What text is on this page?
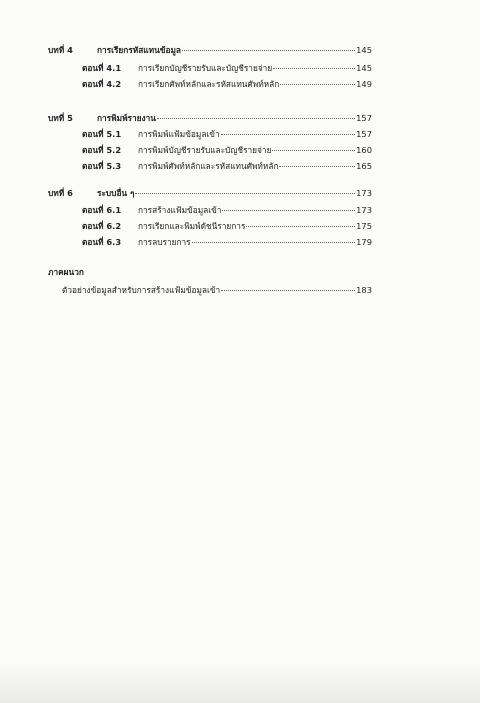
บทที่ 4	การเรียกรหัสแทนข้อมูล	145
ตอนที่ 4.1	การเรียกบัญชีรายรับและบัญชีรายจ่าย	145
ตอนที่ 4.2	การเรียกศัพท์หลักและรหัสแทนศัพท์หลัก	149
บทที่ 5	การพิมพ์รายงาน	157
ตอนที่ 5.1	การพิมพ์แฟ้มข้อมูลเข้า	157
ตอนที่ 5.2	การพิมพ์บัญชีรายรับและบัญชีรายจ่าย	160
ตอนที่ 5.3	การพิมพ์ศัพท์หลักและรหัสแทนศัพท์หลัก	165
บทที่ 6	ระบบอื่น ๆ	173
ตอนที่ 6.1	การสร้างแฟ้มข้อมูลเข้า	173
ตอนที่ 6.2	การเรียกและพิมพ์ดัชนีรายการ	175
ตอนที่ 6.3	การลบรายการ	179
ภาคผนวก
ตัวอย่างข้อมูลสำหรับการสร้างแฟ้มข้อมูลเข้า	183
